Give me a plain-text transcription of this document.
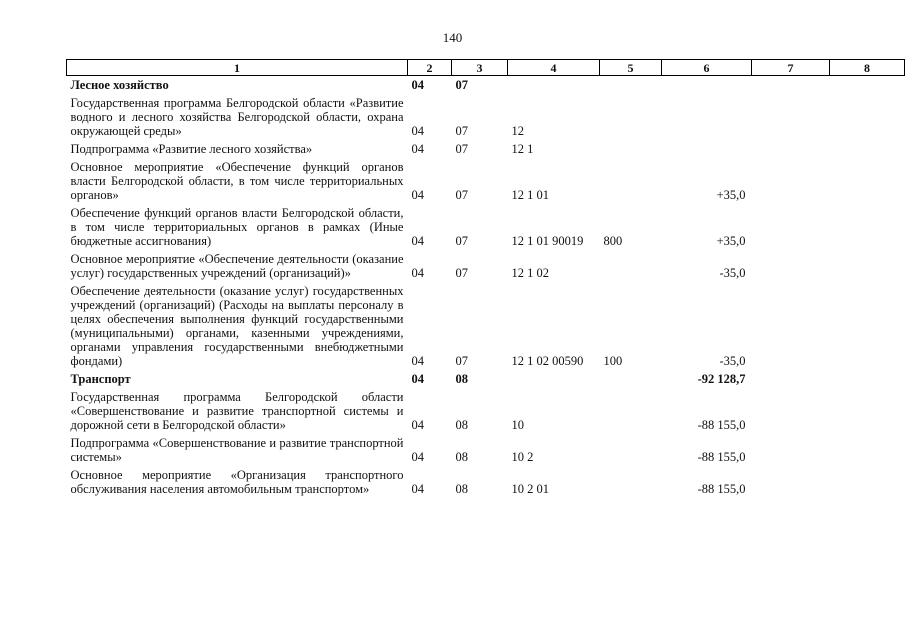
140
1	2	3	4	5	6	7	8
Лесное хозяйство	04	07					
Государственная программа Белгородской области «Развитие водного и лесного хозяйства Белгородской области, охрана окружающей среды»	04	07	12				
Подпрограмма «Развитие лесного хозяйства»	04	07	12 1				
Основное мероприятие «Обеспечение функций органов власти Белгородской области, в том числе территориальных органов»	04	07	12 1 01		+35,0		
Обеспечение функций органов власти Белгородской области, в том числе территориальных органов в рамках (Иные бюджетные ассигнования)	04	07	12 1 01 90019	800	+35,0		
Основное мероприятие «Обеспечение деятельности (оказание услуг) государственных учреждений (организаций)»	04	07	12 1 02		-35,0		
Обеспечение деятельности (оказание услуг) государственных учреждений (организаций) (Расходы на выплаты персоналу в целях обеспечения выполнения функций государственными (муниципальными) органами, казенными учреждениями, органами управления государственными внебюджетными фондами)	04	07	12 1 02 00590	100	-35,0		
Транспорт	04	08			-92 128,7		
Государственная программа Белгородской области «Совершенствование и развитие транспортной системы и дорожной сети в Белгородской области»	04	08	10		-88 155,0		
Подпрограмма «Совершенствование и развитие транспортной системы»	04	08	10 2		-88 155,0		
Основное мероприятие «Организация транспортного обслуживания населения автомобильным транспортом»	04	08	10 2 01		-88 155,0		
